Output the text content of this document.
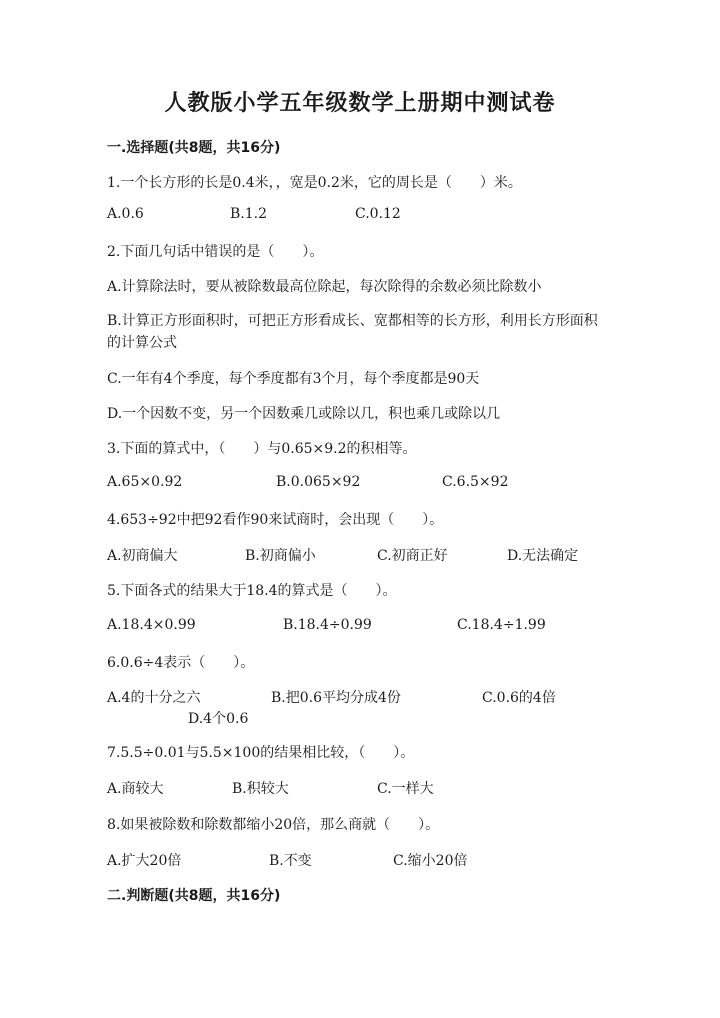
人教版小学五年级数学上册期中测试卷
一.选择题(共8题，共16分)
1.一个长方形的长是0.4米，，宽是0.2米，它的周长是（　　）米。
A.0.6	B.1.2	C.0.12
2.下面几句话中错误的是（　　）。
A.计算除法时，要从被除数最高位除起，每次除得的余数必须比除数小
B.计算正方形面积时，可把正方形看成长、宽都相等的长方形，利用长方形面积的计算公式
C.一年有4个季度，每个季度都有3个月，每个季度都是90天
D.一个因数不变，另一个因数乘几或除以几，积也乘几或除以几
3.下面的算式中，（　　）与0.65×9.2的积相等。
A.65×0.92	B.0.065×92	C.6.5×92
4.653÷92中把92看作90来试商时，会出现（　　）。
A.初商偏大	B.初商偏小	C.初商正好	D.无法确定
5.下面各式的结果大于18.4的算式是（　　）。
A.18.4×0.99	B.18.4÷0.99	C.18.4÷1.99
6.0.6÷4表示（　　）。
A.4的十分之六	B.把0.6平均分成4份	C.0.6的4倍
D.4个0.6
7.5.5÷0.01与5.5×100的结果相比较，（　　）。
A.商较大	B.积较大	C.一样大
8.如果被除数和除数都缩小20倍，那么商就（　　）。
A.扩大20倍	B.不变	C.缩小20倍
二.判断题(共8题，共16分)
